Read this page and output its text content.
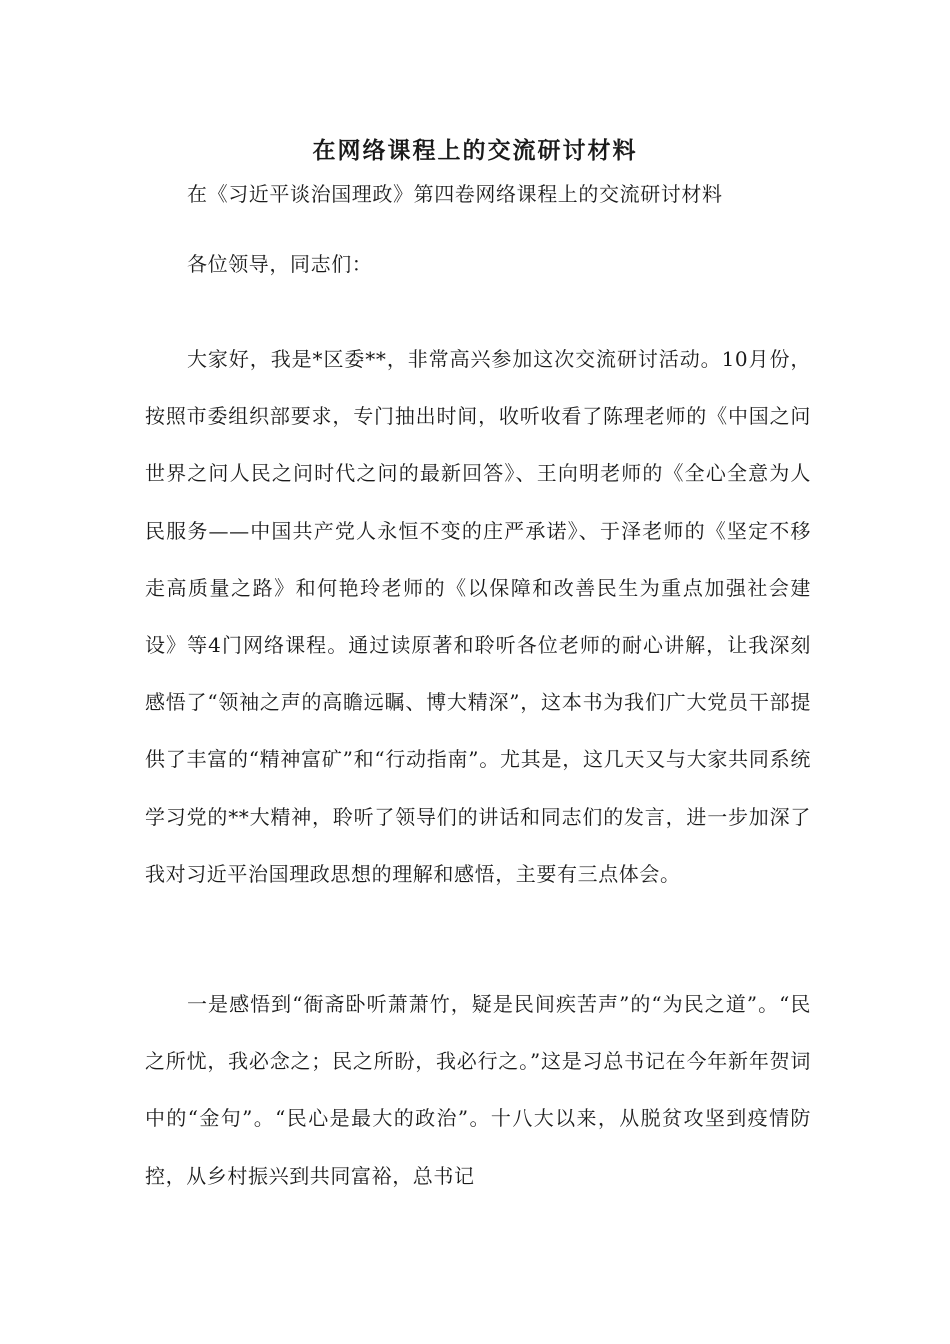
在网络课程上的交流研讨材料

在《习近平谈治国理政》第四卷网络课程上的交流研讨材料

各位领导，同志们：

大家好，我是*区委**，非常高兴参加这次交流研讨活动。10月份，按照市委组织部要求，专门抽出时间，收听收看了陈理老师的《中国之问世界之问人民之问时代之问的最新回答》、王向明老师的《全心全意为人民服务——中国共产党人永恒不变的庄严承诺》、于泽老师的《坚定不移走高质量之路》和何艳玲老师的《以保障和改善民生为重点加强社会建设》等4门网络课程。通过读原著和聆听各位老师的耐心讲解，让我深刻感悟了“领袖之声的高瞻远瞩、博大精深”，这本书为我们广大党员干部提供了丰富的“精神富矿”和“行动指南”。尤其是，这几天又与大家共同系统学习党的**大精神，聆听了领导们的讲话和同志们的发言，进一步加深了我对习近平治国理政思想的理解和感悟，主要有三点体会。

一是感悟到“衙斋卧听萧萧竹，疑是民间疾苦声”的“为民之道”。“民之所忧，我必念之；民之所盼，我必行之。”这是习总书记在今年新年贺词中的“金句”。“民心是最大的政治”。十八大以来，从脱贫攻坚到疫情防控，从乡村振兴到共同富裕，总书记
